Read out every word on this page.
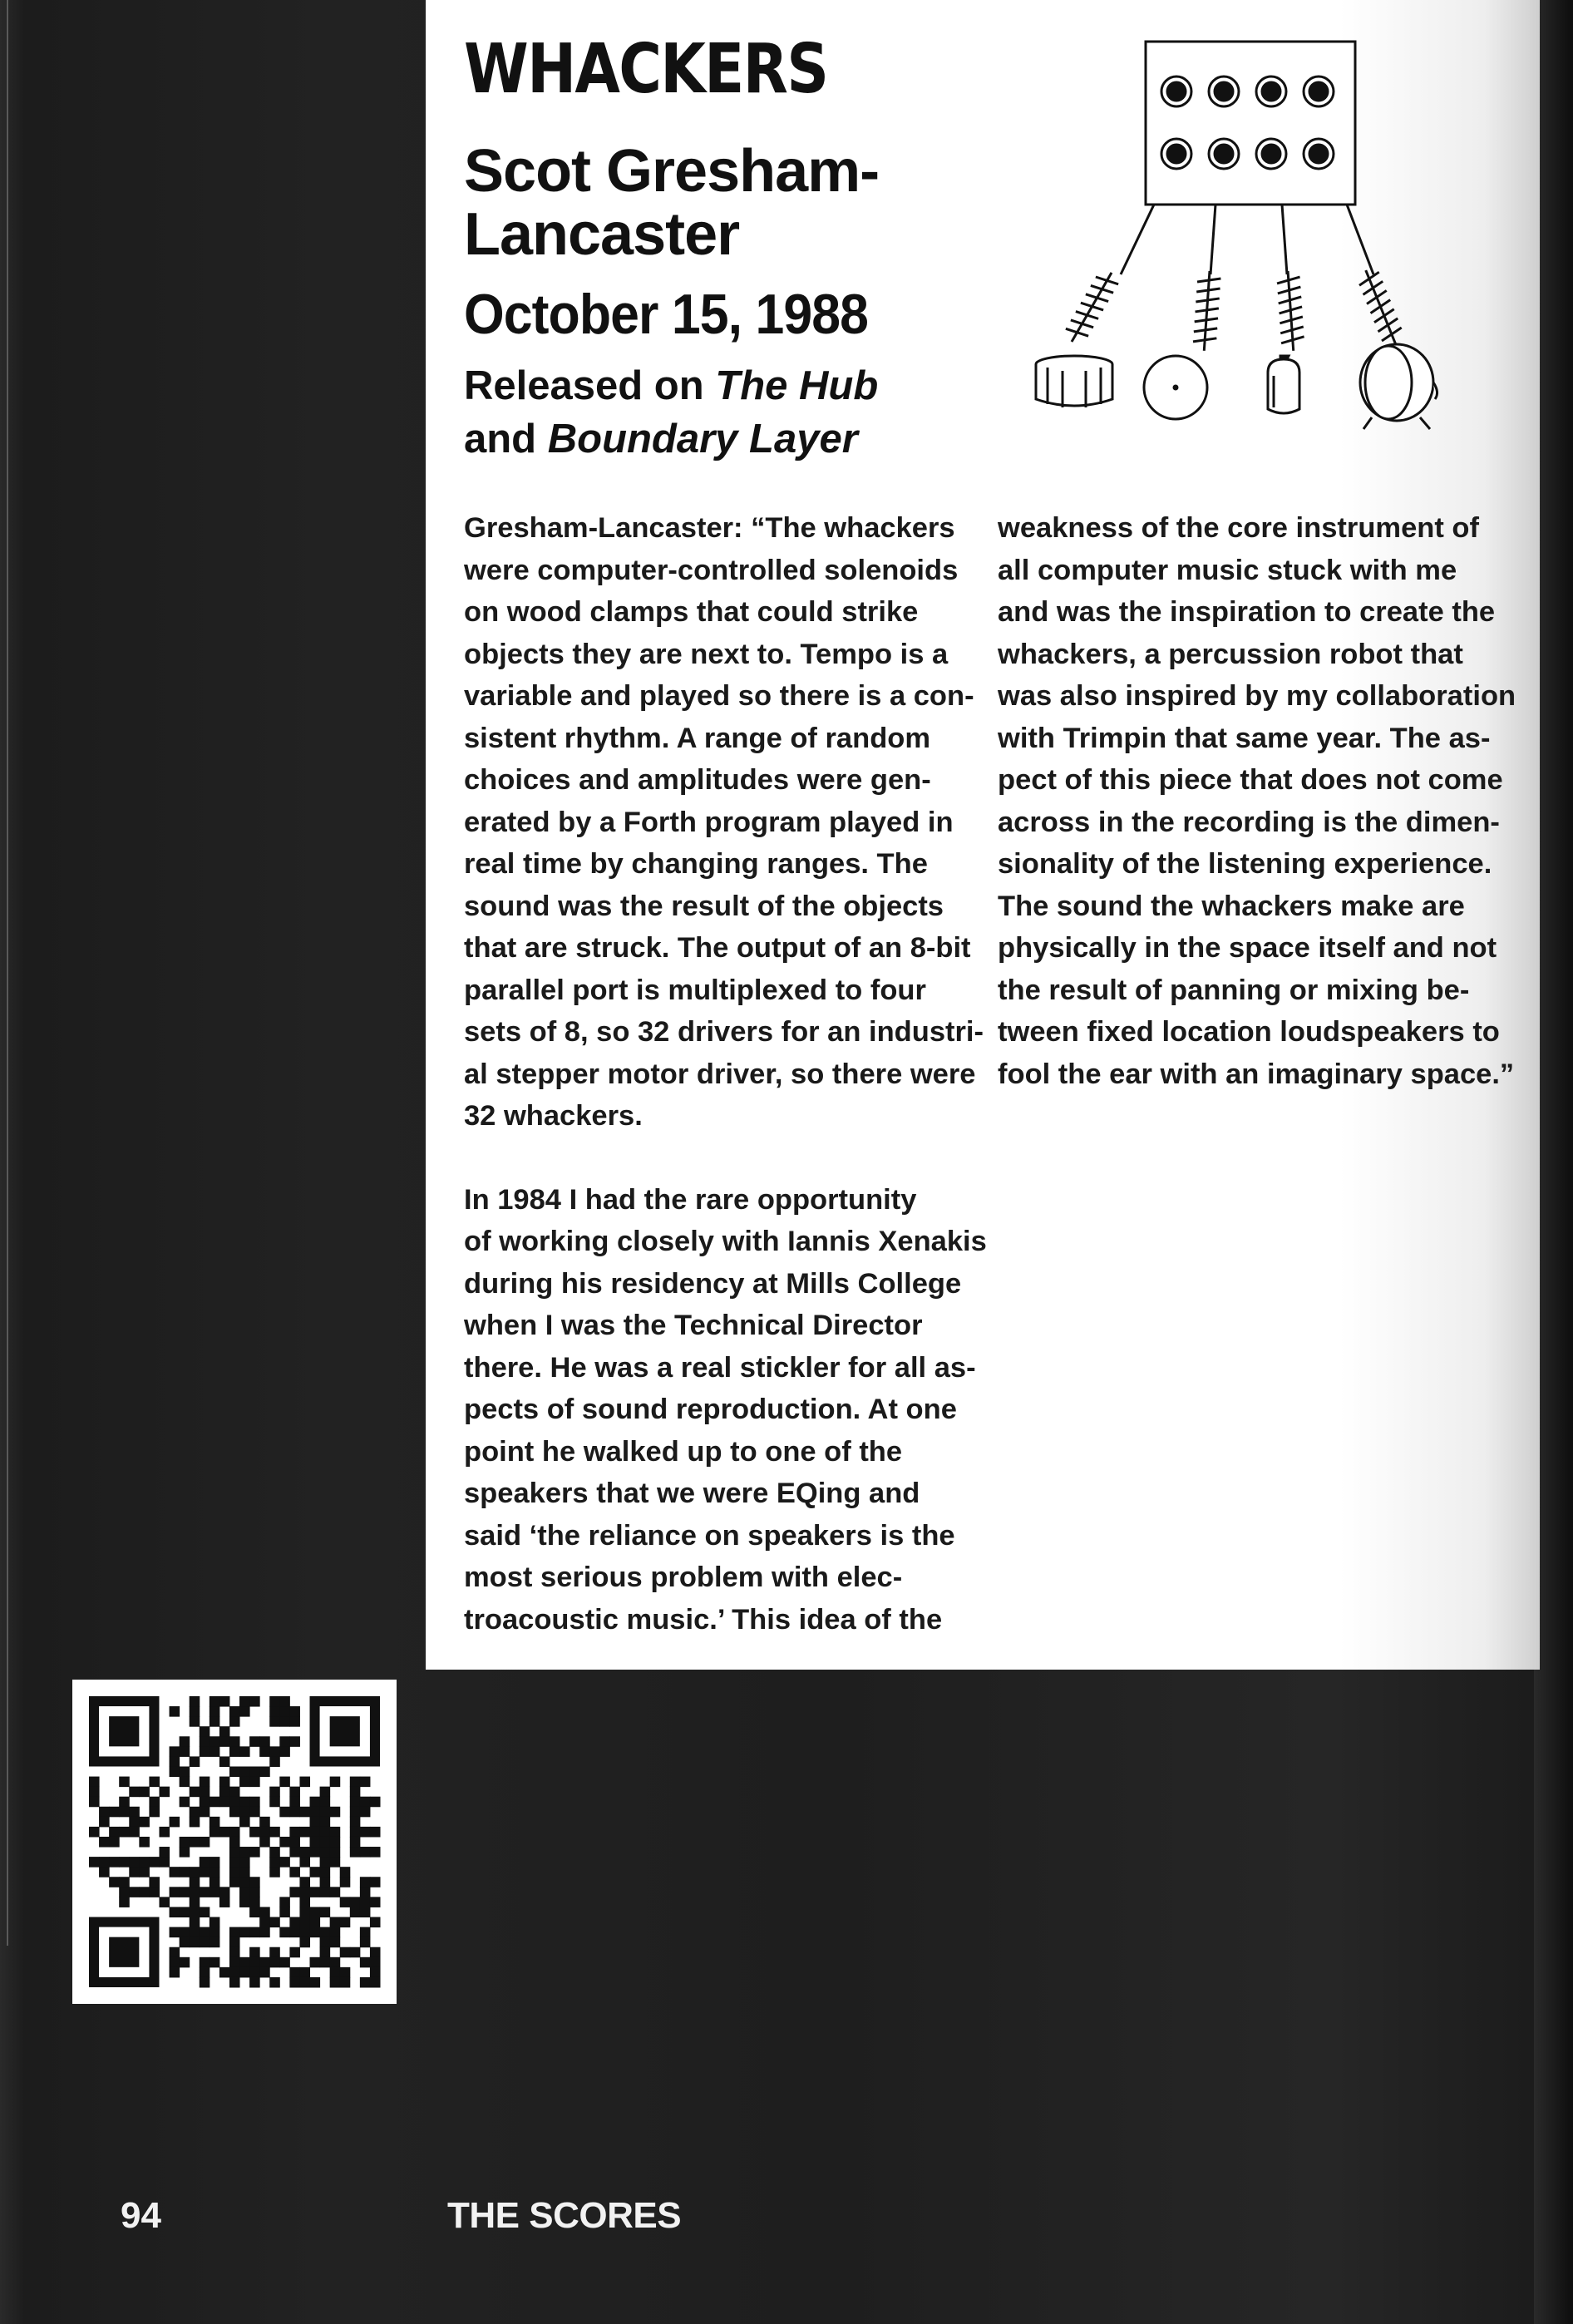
WHACKERS
Scot Gresham-Lancaster
October 15, 1988
Released on The Hub
and Boundary Layer
Gresham-Lancaster: “The whackers
were computer-controlled solenoids
on wood clamps that could strike
objects they are next to. Tempo is a
variable and played so there is a con-
sistent rhythm. A range of random
choices and amplitudes were gen-
erated by a Forth program played in
real time by changing ranges. The
sound was the result of the objects
that are struck. The output of an 8-bit
parallel port is multiplexed to four
sets of 8, so 32 drivers for an industri-
al stepper motor driver, so there were
32 whackers.
In 1984 I had the rare opportunity
of working closely with Iannis Xenakis
during his residency at Mills College
when I was the Technical Director
there. He was a real stickler for all as-
pects of sound reproduction. At one
point he walked up to one of the
speakers that we were EQing and
said ‘the reliance on speakers is the
most serious problem with elec-
troacoustic music.’ This idea of the
weakness of the core instrument of
all computer music stuck with me
and was the inspiration to create the
whackers, a percussion robot that
was also inspired by my collaboration
with Trimpin that same year. The as-
pect of this piece that does not come
across in the recording is the dimen-
sionality of the listening experience.
The sound the whackers make are
physically in the space itself and not
the result of panning or mixing be-
tween fixed location loudspeakers to
fool the ear with an imaginary space.”

94	THE SCORES
